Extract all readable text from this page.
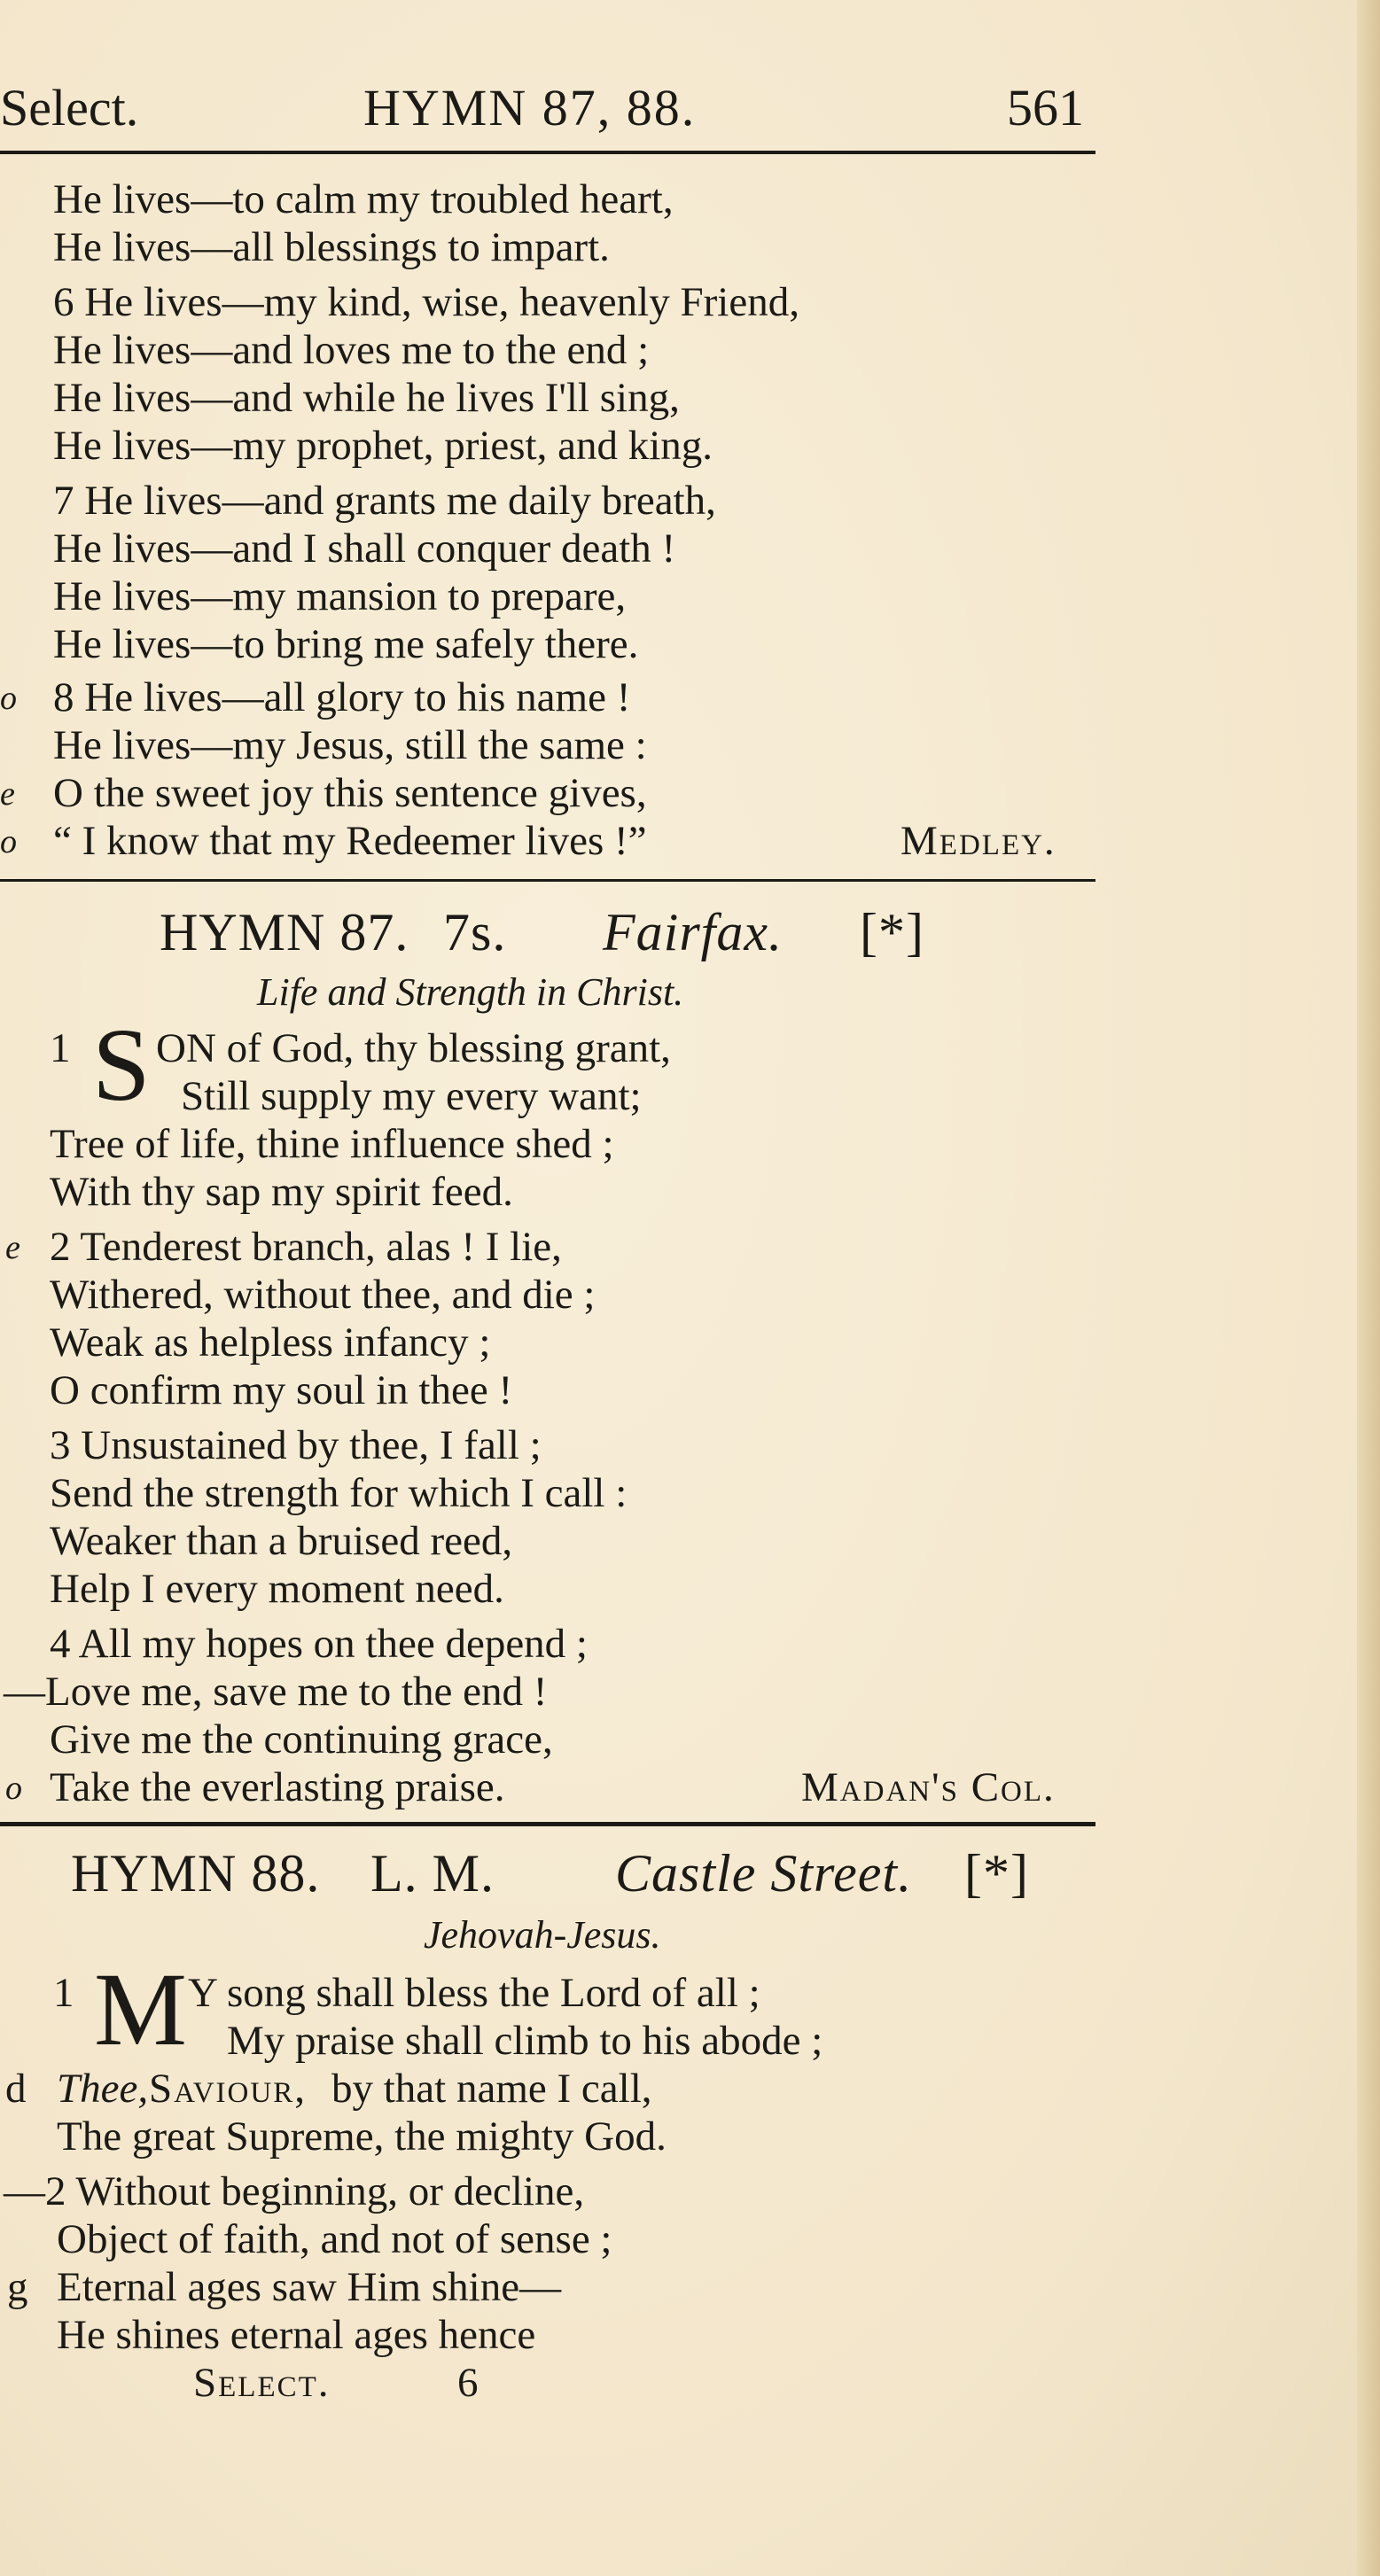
Select.	HYMN 87, 88.	561
He lives—to calm my troubled heart,
He lives—all blessings to impart.
6 He lives—my kind, wise, heavenly Friend,
He lives—and loves me to the end ;
He lives—and while he lives I'll sing,
He lives—my prophet, priest, and king.
7 He lives—and grants me daily breath,
He lives—and I shall conquer death !
He lives—my mansion to prepare,
He lives—to bring me safely there.
o 8 He lives—all glory to his name !
He lives—my Jesus, still the same :
e O the sweet joy this sentence gives,
o “ I know that my Redeemer lives !”	Medley.
HYMN 87. 7s. Fairfax. [*]
Life and Strength in Christ.
1 S ON of God, thy blessing grant,
Still supply my every want;
Tree of life, thine influence shed ;
With thy sap my spirit feed.
e 2 Tenderest branch, alas ! I lie,
Withered, without thee, and die ;
Weak as helpless infancy ;
O confirm my soul in thee !
3 Unsustained by thee, I fall ;
Send the strength for which I call :
Weaker than a bruised reed,
Help I every moment need.
4 All my hopes on thee depend ;
—Love me, save me to the end !
Give me the continuing grace,
o Take the everlasting praise.	Madan's Col.
HYMN 88. L. M. Castle Street. [*]
Jehovah-Jesus.
1 M Y song shall bless the Lord of all ;
My praise shall climb to his abode ;
d Thee, Saviour, by that name I call,
The great Supreme, the mighty God.
—2 Without beginning, or decline,
Object of faith, and not of sense ;
g Eternal ages saw Him shine—
He shines eternal ages hence
Select.	6
